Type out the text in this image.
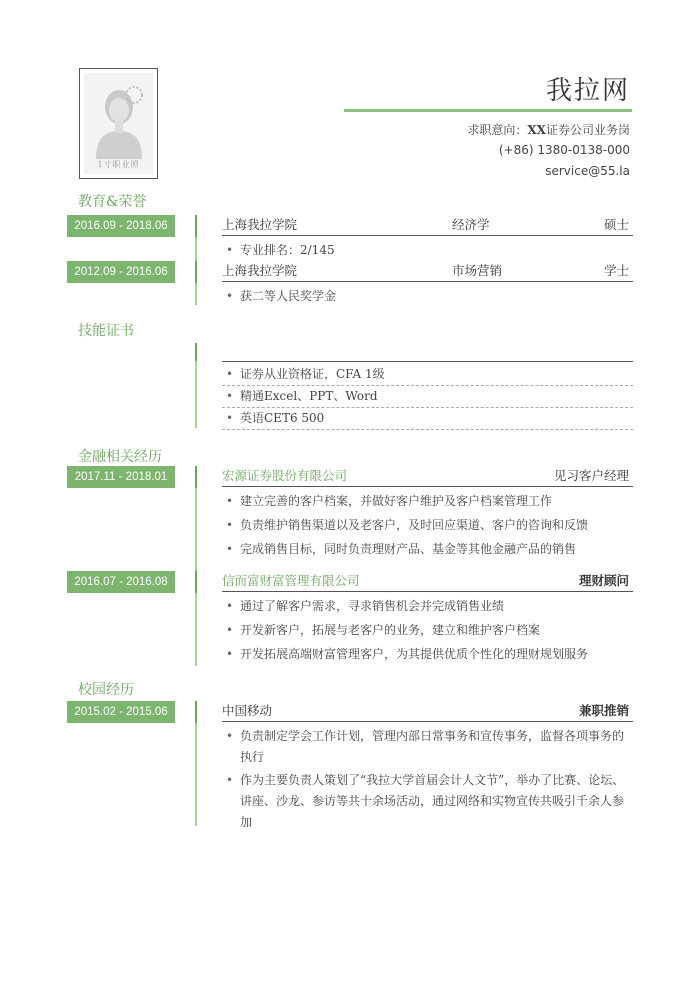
1寸职业照
我拉网
求职意向：XX证券公司业务岗
(+86) 1380-0138-000
service@55.la
教育&荣誉
2016.09 - 2018.06	上海我拉学院	经济学	硕士
• 专业排名：2/145
2012.09 - 2016.06	上海我拉学院	市场营销	学士
• 获二等人民奖学金
技能证书
• 证券从业资格证，CFA 1级
• 精通Excel、PPT、Word
• 英语CET6 500
金融相关经历
2017.11 - 2018.01	宏源证券股份有限公司	见习客户经理
• 建立完善的客户档案，并做好客户维护及客户档案管理工作
• 负责维护销售渠道以及老客户，及时回应渠道、客户的咨询和反馈
• 完成销售目标，同时负责理财产品、基金等其他金融产品的销售
2016.07 - 2016.08	信而富财富管理有限公司	理财顾问
• 通过了解客户需求，寻求销售机会并完成销售业绩
• 开发新客户，拓展与老客户的业务，建立和维护客户档案
• 开发拓展高端财富管理客户，为其提供优质个性化的理财规划服务
校园经历
2015.02 - 2015.06	中国移动	兼职推销
• 负责制定学会工作计划，管理内部日常事务和宣传事务，监督各项事务的执行
• 作为主要负责人策划了“我拉大学首届会计人文节”，举办了比赛、论坛、讲座、沙龙、参访等共十余场活动，通过网络和实物宣传共吸引千余人参加
